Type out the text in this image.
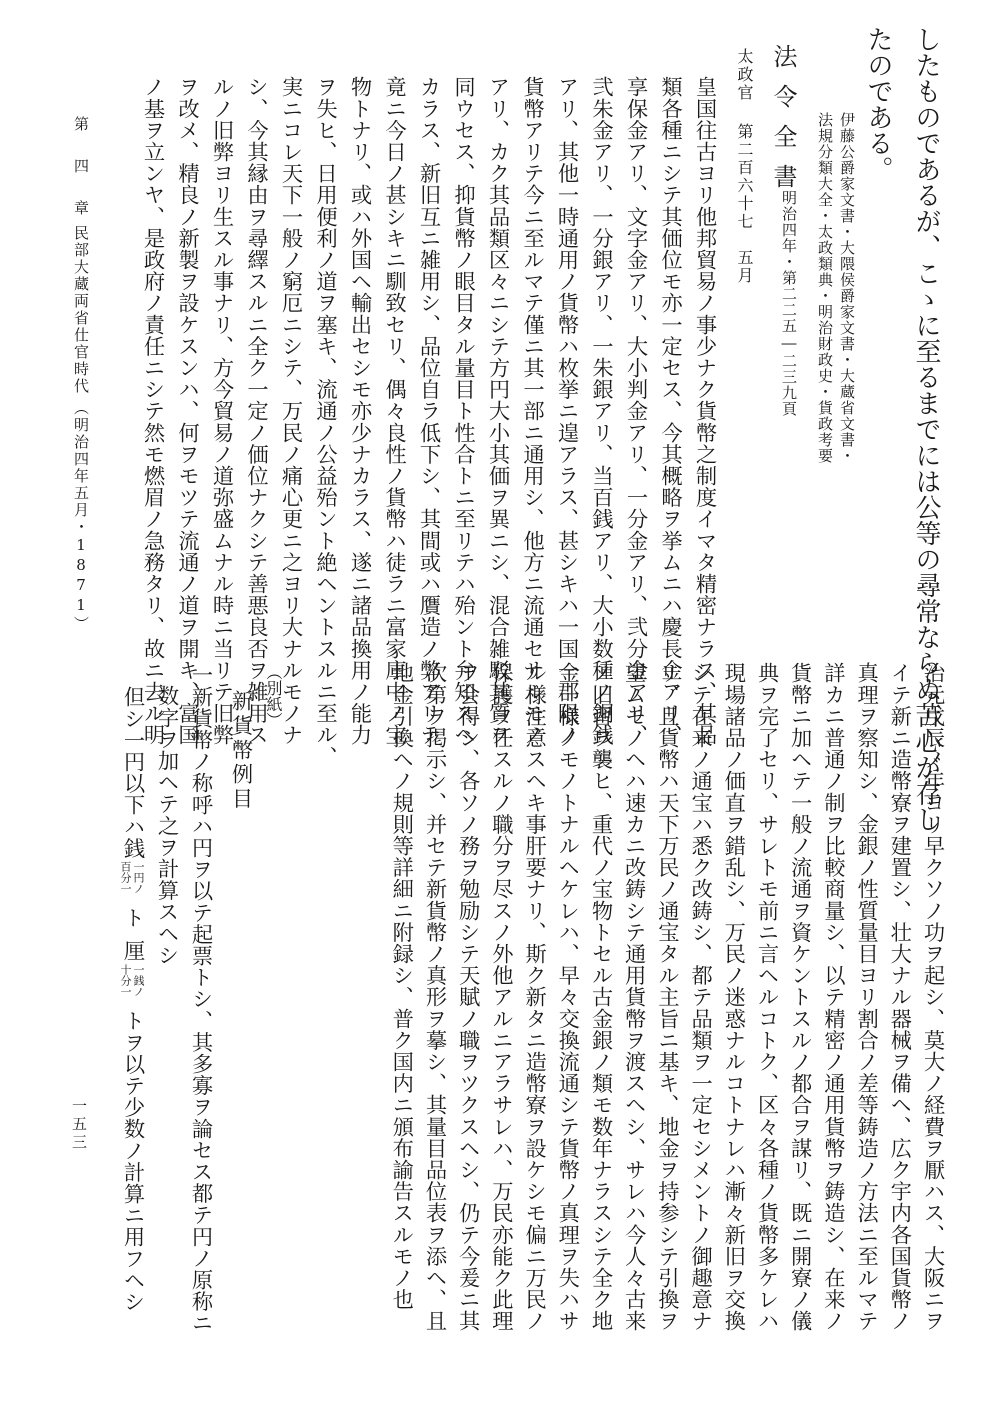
したものであるが、こゝに至るまでには公等の尋常ならぬ苦心が存し
たのである。
伊藤公爵家文書・大隈侯爵家文書・大蔵省文書・
法規分類大全・太政類典・明治財政史・貨政考要
法令全書
明治四年・第二二五―二三九頁
太政官 第二百六十七　五月
皇国往古ヨリ他邦貿易ノ事少ナク貨幣之制度イマタ精密ナラス、其品
類各種ニシテ其価位モ亦一定セス、今其概略ヲ挙ムニハ慶長金アリ、
享保金アリ、文字金アリ、大小判金アリ、一分金アリ、弐分金アリ、
弐朱金アリ、一分銀アリ、一朱銀アリ、当百銭アリ、大小数種ノ銅銭
アリ、其他一時通用ノ貨幣ハ枚挙ニ遑アラス、甚シキハ一国一郡限ノ
貨幣アリテ今ニ至ルマテ僅ニ其一部ニ通用シ、他方ニ流通セサルモノ
アリ、カク其品類区々ニシテ方円大小其価ヲ異ニシ、混合雑駁其質ヲ
同ウセス、抑貨幣ノ眼目タル量目ト性合トニ至リテハ殆ント弁知スヘ
カラス、新旧互ニ雑用シ、品位自ラ低下シ、其間或ハ贋造ノ弊アリテ
竟ニ今日ノ甚シキニ馴致セリ、偶々良性ノ貨幣ハ徒ラニ富家庫中ノ宝
物トナリ、或ハ外国ヘ輸出セシモ亦少ナカラス、遂ニ諸品換用ノ能力
ヲ失ヒ、日用便利ノ道ヲ塞キ、流通ノ公益殆ント絶ヘントスルニ至ル、
実ニコレ天下一般ノ窮厄ニシテ、万民ノ痛心更ニ之ヨリ大ナルモノナ
シ、今其縁由ヲ尋繹スルニ全ク一定ノ価位ナクシテ善悪良否ヲ雑用ス
ルノ旧弊ヨリ生スル事ナリ、方今貿易ノ道弥盛ムナル時ニ当リテ旧弊
ヲ改メ、精良ノ新製ヲ設ケスンハ、何ヲモツテ流通ノ道ヲ開キ、富国
ノ基ヲ立ンヤ、是政府ノ責任ニシテ然モ燃眉ノ急務タリ、故ニ去ル明
第　四　章
民部大蔵両省仕官時代
（明治四年五月・1871）
治元戊辰ノ年ヨリ早クソノ功ヲ起シ、莫大ノ経費ヲ厭ハス、大阪ニヲ
イテ新ニ造幣寮ヲ建置シ、壮大ナル器械ヲ備ヘ、広ク宇内各国貨幣ノ
真理ヲ察知シ、金銀ノ性質量目ヨリ割合ノ差等鋳造ノ方法ニ至ルマテ
詳カニ普通ノ制ヲ比較商量シ、以テ精密ノ通用貨幣ヲ鋳造シ、在来ノ
貨幣ニ加ヘテ一般ノ流通ヲ資ケントスルノ都合ヲ謀リ、既ニ開寮ノ儀
典ヲ完了セリ、サレトモ前ニ言ヘルコトク、区々各種ノ貨幣多ケレハ
現場諸品ノ価直ヲ錯乱シ、万民ノ迷惑ナルコトナレハ漸々新旧ヲ交換
シテ在来ノ通宝ハ悉ク改鋳シ、都テ品類ヲ一定セシメントノ御趣意ナ
リ、且貨幣ハ天下万民ノ通宝タル主旨ニ基キ、地金ヲ持参シテ引換ヲ
望ムモノヘハ速カニ改鋳シテ通用貨幣ヲ渡スヘシ、サレハ今人々古来
ノ旧習ヲ襲ヒ、重代ノ宝物トセル古金銀ノ類モ数年ナラスシテ全ク地
金一様ノモノトナルヘケレハ、早々交換流通シテ貨幣ノ真理ヲ失ハサ
ル様注意スヘキ事肝要ナリ、斯ク新タニ造幣寮ヲ設ケシモ偏ニ万民ノ
保護ヲ任スルノ職分ヲ尽スノ外他アルニアラサレハ、万民亦能ク此理
ヲ会得シ、各ソノ務ヲ勉励シテ天賦ノ職ヲツクスヘシ、仍テ今爰ニ其
次第ヲ掲示シ、并セテ新貨幣ノ真形ヲ摹シ、其量目品位表ヲ添ヘ、且
地金引換ヘノ規則等詳細ニ附録シ、普ク国内ニ頒布諭告スルモノ也
（別紙）
新貨幣例目
一新貨幣ノ称呼ハ円ヲ以テ起票トシ、其多寡ヲ論セス都テ円ノ原称ニ
数字ヲ加ヘテ之ヲ計算スヘシ
但シ一円以下ハ銭
一円ノ
百分一
ト
厘
一銭ノ
十分一
トヲ以テ少数ノ計算ニ用フヘシ
一五三
